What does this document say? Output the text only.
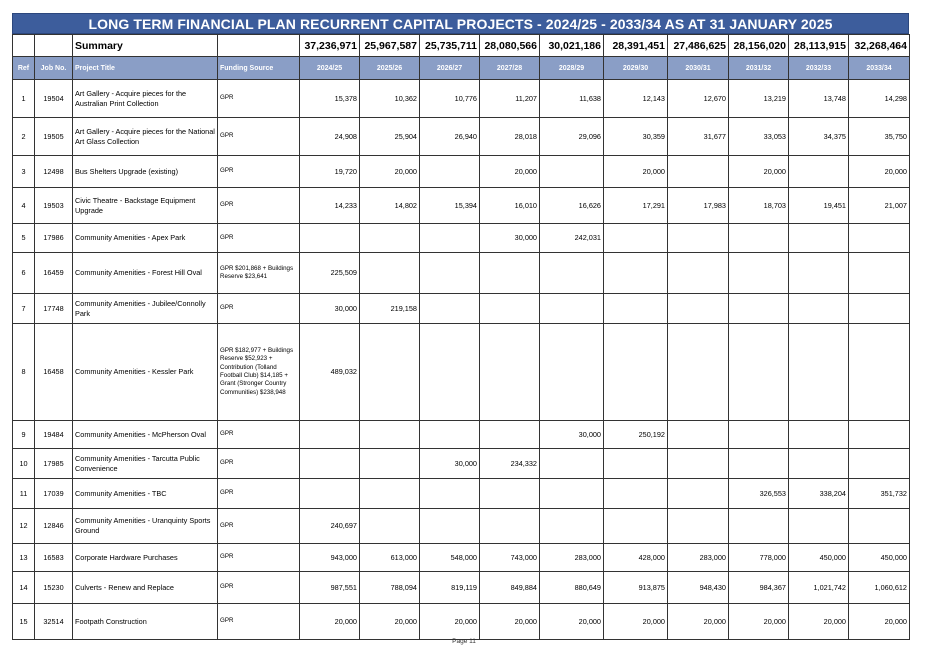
LONG TERM FINANCIAL PLAN RECURRENT CAPITAL PROJECTS - 2024/25 - 2033/34 AS AT 31 JANUARY 2025
		Summary		37,236,971	25,967,587	25,735,711	28,080,566	30,021,186	28,391,451	27,486,625	28,156,020	28,113,915	32,268,464
Ref	Job No.	Project Title	Funding Source	2024/25	2025/26	2026/27	2027/28	2028/29	2029/30	2030/31	2031/32	2032/33	2033/34
1	19504	Art Gallery - Acquire pieces for the Australian Print Collection	GPR	15,378	10,362	10,776	11,207	11,638	12,143	12,670	13,219	13,748	14,298
2	19505	Art Gallery - Acquire pieces for the National Art Glass Collection	GPR	24,908	25,904	26,940	28,018	29,096	30,359	31,677	33,053	34,375	35,750
3	12498	Bus Shelters Upgrade (existing)	GPR	19,720	20,000		20,000		20,000		20,000		20,000
4	19503	Civic Theatre - Backstage Equipment Upgrade	GPR	14,233	14,802	15,394	16,010	16,626	17,291	17,983	18,703	19,451	21,007
5	17986	Community Amenities - Apex Park	GPR				30,000	242,031					
6	16459	Community Amenities - Forest Hill Oval	GPR $201,868 + Buildings Reserve $23,641	225,509									
7	17748	Community Amenities - Jubilee/Connolly Park	GPR	30,000	219,158								
8	16458	Community Amenities - Kessler Park	GPR $182,977 + Buildings Reserve $52,923 + Contribution (Tolland Football Club) $14,185 + Grant (Stronger Country Communities) $238,948	489,032									
9	19484	Community Amenities - McPherson Oval	GPR					30,000	250,192				
10	17985	Community Amenities - Tarcutta Public Convenience	GPR			30,000	234,332						
11	17039	Community Amenities - TBC	GPR								326,553	338,204	351,732
12	12846	Community Amenities - Uranquinty Sports Ground	GPR	240,697									
13	16583	Corporate Hardware Purchases	GPR	943,000	613,000	548,000	743,000	283,000	428,000	283,000	778,000	450,000	450,000
14	15230	Culverts - Renew and Replace	GPR	987,551	788,094	819,119	849,884	880,649	913,875	948,430	984,367	1,021,742	1,060,612
15	32514	Footpath Construction	GPR	20,000	20,000	20,000	20,000	20,000	20,000	20,000	20,000	20,000	20,000
Page 11
